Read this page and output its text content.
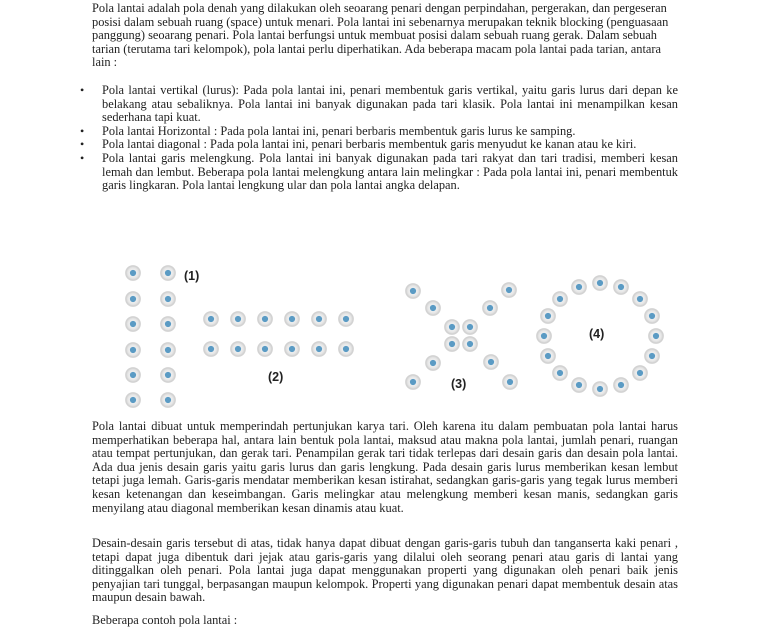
Pola lantai adalah pola denah yang dilakukan oleh seoarang penari dengan perpindahan, pergerakan, dan pergeseran posisi dalam sebuah ruang (space) untuk menari. Pola lantai ini sebenarnya merupakan teknik blocking (penguasaan panggung) seoarang penari. Pola lantai berfungsi untuk membuat posisi dalam sebuah ruang gerak. Dalam sebuah tarian (terutama tari kelompok), pola lantai perlu diperhatikan. Ada beberapa macam pola lantai pada tarian, antara lain :

• Pola lantai vertikal (lurus): Pada pola lantai ini, penari membentuk garis vertikal, yaitu garis lurus dari depan ke belakang atau sebaliknya. Pola lantai ini banyak digunakan pada tari klasik. Pola lantai ini menampilkan kesan sederhana tapi kuat.
• Pola lantai Horizontal : Pada pola lantai ini, penari berbaris membentuk garis lurus ke samping.
• Pola lantai diagonal : Pada pola lantai ini, penari berbaris membentuk garis menyudut ke kanan atau ke kiri.
• Pola lantai garis melengkung. Pola lantai ini banyak digunakan pada tari rakyat dan tari tradisi, memberi kesan lemah dan lembut. Beberapa pola lantai melengkung antara lain melingkar : Pada pola lantai ini, penari membentuk garis lingkaran. Pola lantai lengkung ular dan pola lantai angka delapan.
(1)
(2)	(3)
(4)

Pola lantai dibuat untuk memperindah pertunjukan karya tari. Oleh karena itu dalam pembuatan pola lantai harus memperhatikan beberapa hal, antara lain bentuk pola lantai, maksud atau makna pola lantai, jumlah penari, ruangan atau tempat pertunjukan, dan gerak tari. Penampilan gerak tari tidak terlepas dari desain garis dan desain pola lantai. Ada dua jenis desain garis yaitu garis lurus dan garis lengkung. Pada desain garis lurus memberikan kesan lembut tetapi juga lemah. Garis-garis mendatar memberikan kesan istirahat, sedangkan garis-garis yang tegak lurus memberi kesan ketenangan dan keseimbangan. Garis melingkar atau melengkung memberi kesan manis, sedangkan garis menyilang atau diagonal memberikan kesan dinamis atau kuat.

Desain-desain garis tersebut di atas, tidak hanya dapat dibuat dengan garis-garis tubuh dan tanganserta kaki penari , tetapi dapat juga dibentuk dari jejak atau garis-garis yang dilalui oleh seorang penari atau garis di lantai yang ditinggalkan oleh penari. Pola lantai juga dapat menggunakan properti yang digunakan oleh penari baik jenis penyajian tari tunggal, berpasangan maupun kelompok. Properti yang digunakan penari dapat membentuk desain atas maupun desain bawah.

Beberapa contoh pola lantai :
